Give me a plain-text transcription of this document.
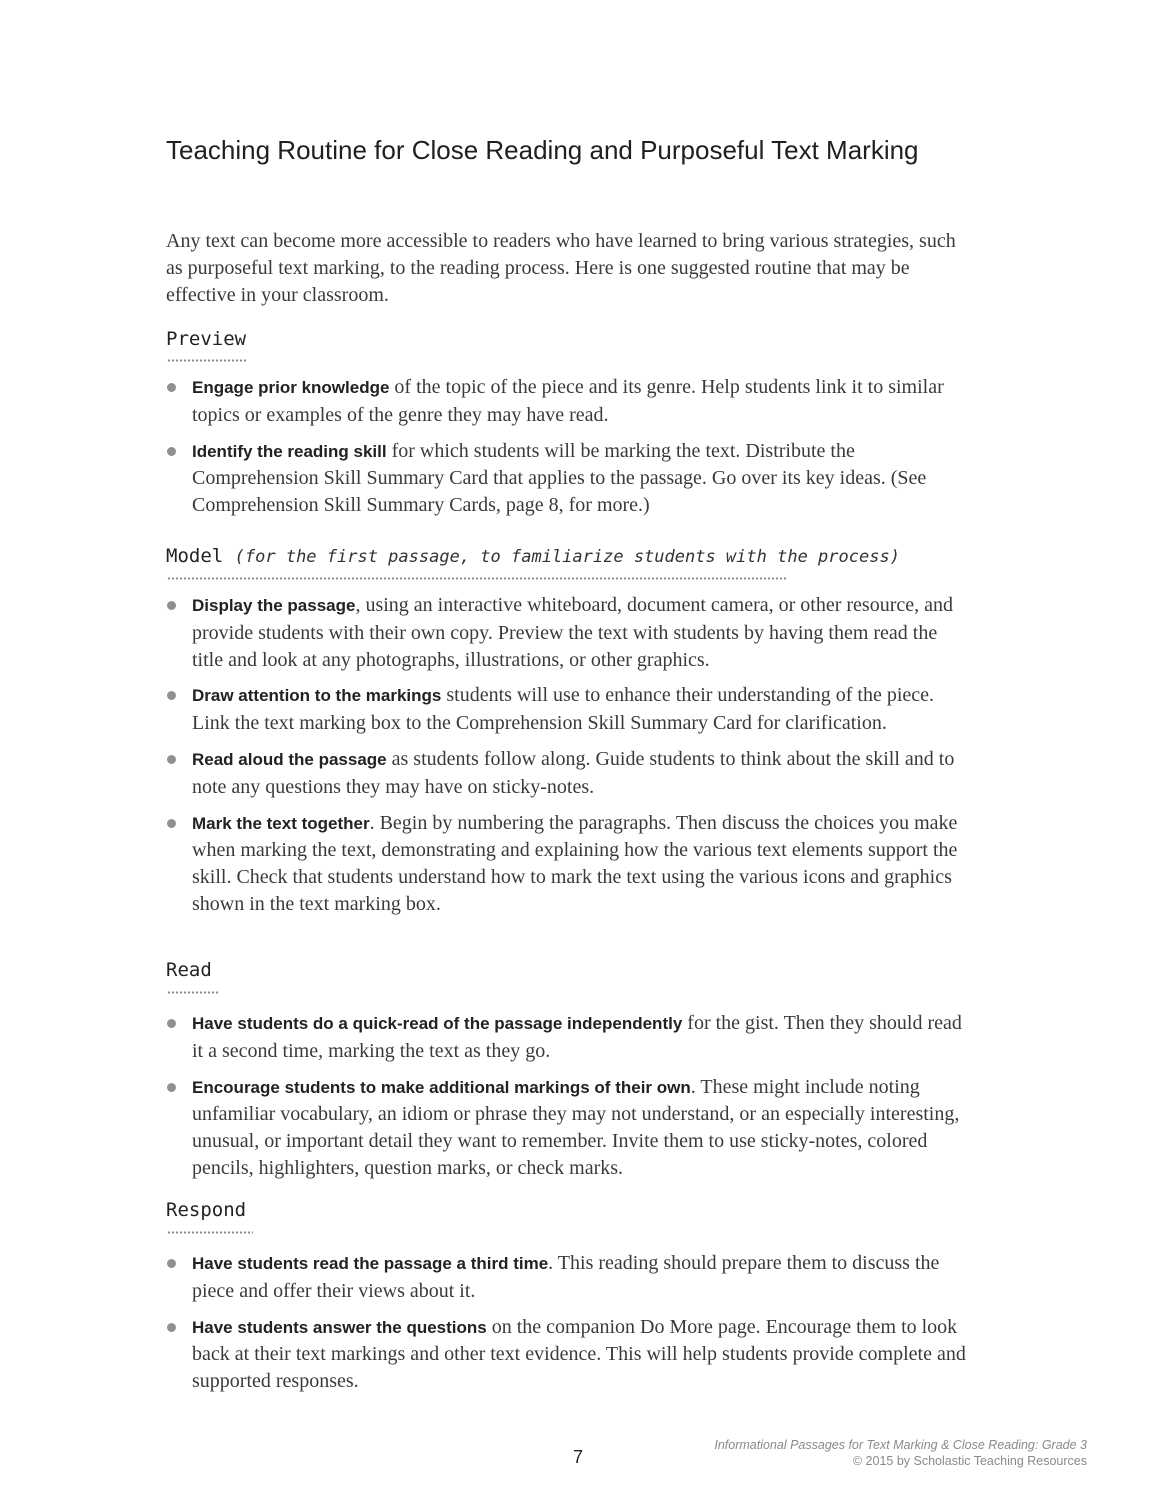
Teaching Routine for Close Reading and Purposeful Text Marking

Any text can become more accessible to readers who have learned to bring various strategies, such as purposeful text marking, to the reading process. Here is one suggested routine that may be effective in your classroom.

Preview
Engage prior knowledge of the topic of the piece and its genre. Help students link it to similar topics or examples of the genre they may have read.
Identify the reading skill for which students will be marking the text. Distribute the Comprehension Skill Summary Card that applies to the passage. Go over its key ideas. (See Comprehension Skill Summary Cards, page 8, for more.)
Model (for the first passage, to familiarize students with the process)
Display the passage, using an interactive whiteboard, document camera, or other resource, and provide students with their own copy. Preview the text with students by having them read the title and look at any photographs, illustrations, or other graphics.
Draw attention to the markings students will use to enhance their understanding of the piece. Link the text marking box to the Comprehension Skill Summary Card for clarification.
Read aloud the passage as students follow along. Guide students to think about the skill and to note any questions they may have on sticky-notes.
Mark the text together. Begin by numbering the paragraphs. Then discuss the choices you make when marking the text, demonstrating and explaining how the various text elements support the skill. Check that students understand how to mark the text using the various icons and graphics shown in the text marking box.
Read
Have students do a quick-read of the passage independently for the gist. Then they should read it a second time, marking the text as they go.
Encourage students to make additional markings of their own. These might include noting unfamiliar vocabulary, an idiom or phrase they may not understand, or an especially interesting, unusual, or important detail they want to remember. Invite them to use sticky-notes, colored pencils, highlighters, question marks, or check marks.
Respond
Have students read the passage a third time. This reading should prepare them to discuss the piece and offer their views about it.
Have students answer the questions on the companion Do More page. Encourage them to look back at their text markings and other text evidence. This will help students provide complete and supported responses.
7
Informational Passages for Text Marking & Close Reading: Grade 3
© 2015 by Scholastic Teaching Resources
